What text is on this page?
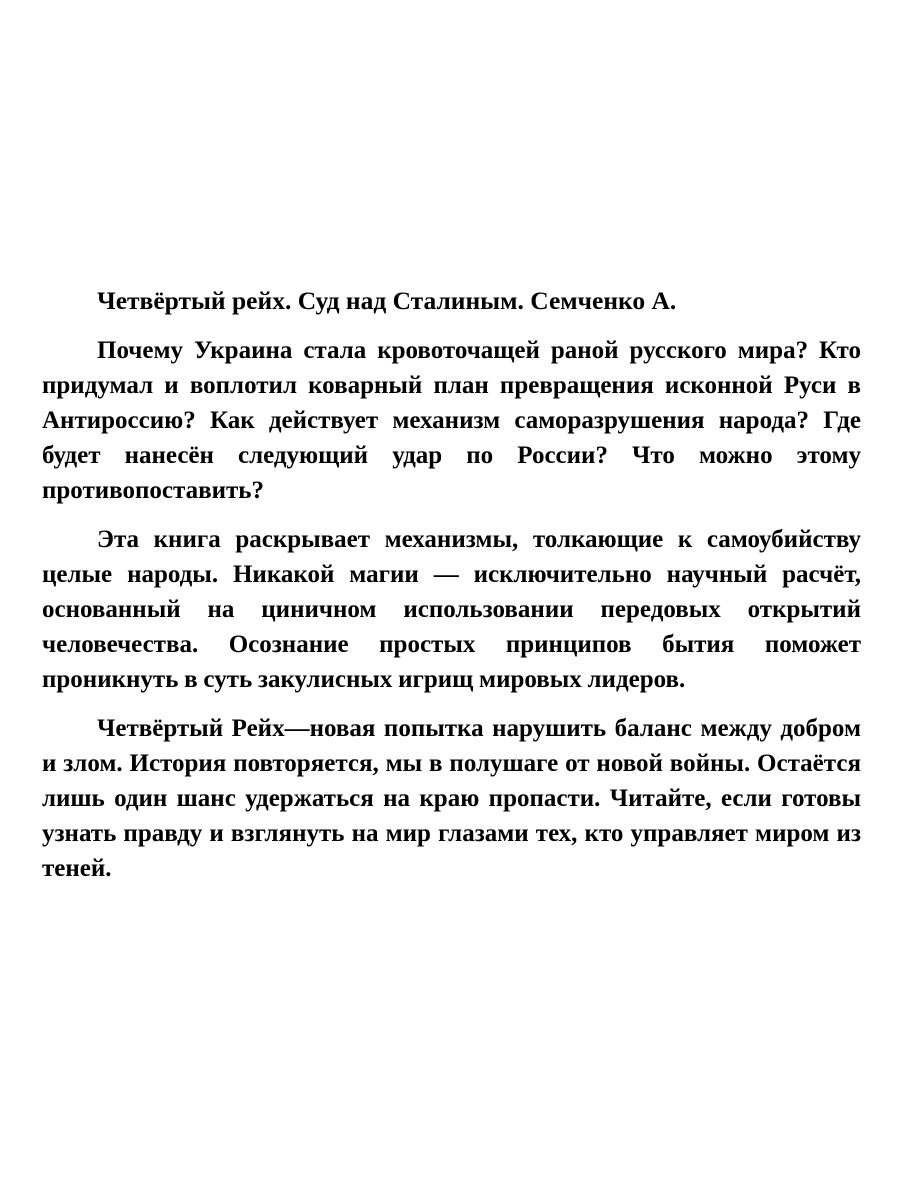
Четвёртый рейх. Суд над Сталиным. Семченко А.

Почему Украина стала кровоточащей раной русского мира? Кто придумал и воплотил коварный план превращения исконной Руси в Антироссию? Как действует механизм саморазрушения народа? Где будет нанесён следующий удар по России? Что можно этому противопоставить?

Эта книга раскрывает механизмы, толкающие к самоубийству целые народы. Никакой магии — исключительно научный расчёт, основанный на циничном использовании передовых открытий человечества. Осознание простых принципов бытия поможет проникнуть в суть закулисных игрищ мировых лидеров.

Четвёртый Рейх—новая попытка нарушить баланс между добром и злом. История повторяется, мы в полушаге от новой войны. Остаётся лишь один шанс удержаться на краю пропасти. Читайте, если готовы узнать правду и взглянуть на мир глазами тех, кто управляет миром из теней.
